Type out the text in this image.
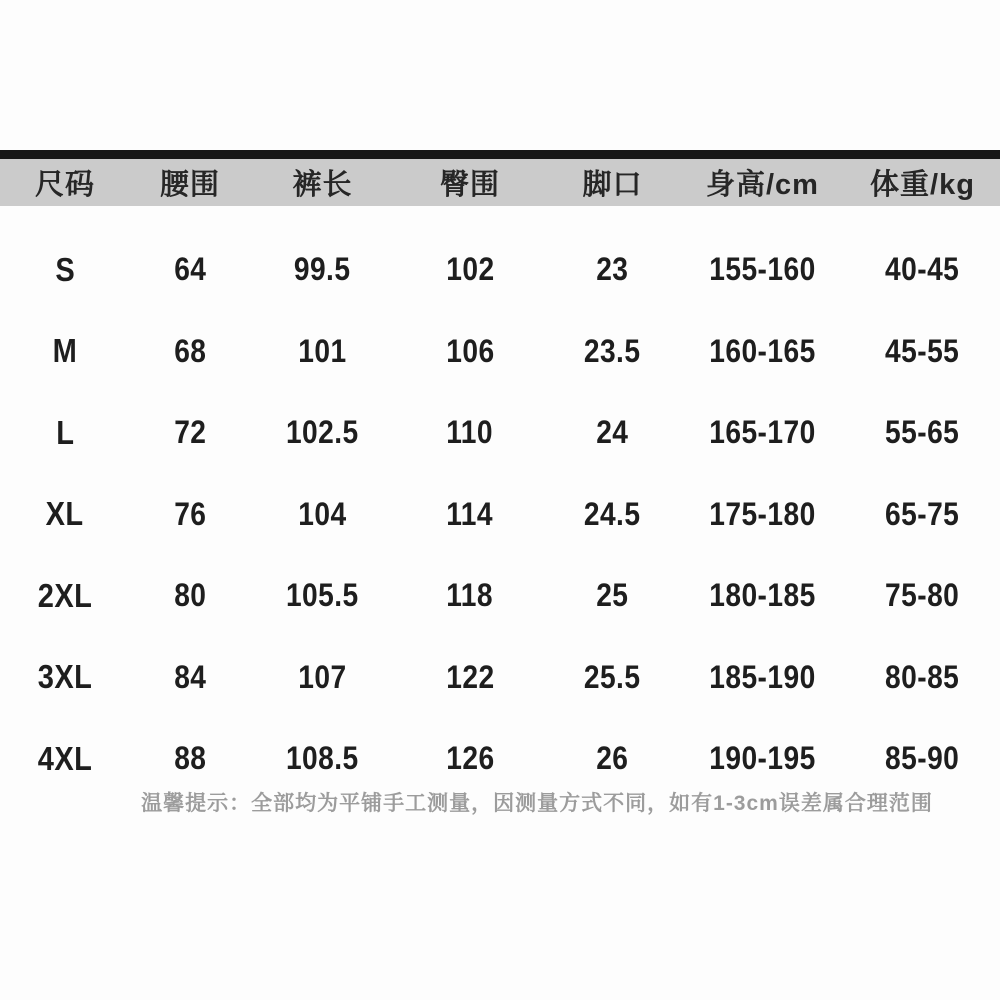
尺码	腰围	裤长	臀围	脚口	身高/cm	体重/kg
S	64	99.5	102	23	155-160 40-45
M	68	101	106	23.5 160-165 45-55
L	72	102.5	110	24	165-170 55-65
XL	76	104	114	24.5 175-180 65-75
2XL	80	105.5	118	25	180-185 75-80
3XL	84	107	122	25.5 185-190 80-85
4XL	88	108.5	126	26	190-195 85-90
温馨提示：全部均为平铺手工测量，因测量方式不同，如有1-3cm误差属合理范围
